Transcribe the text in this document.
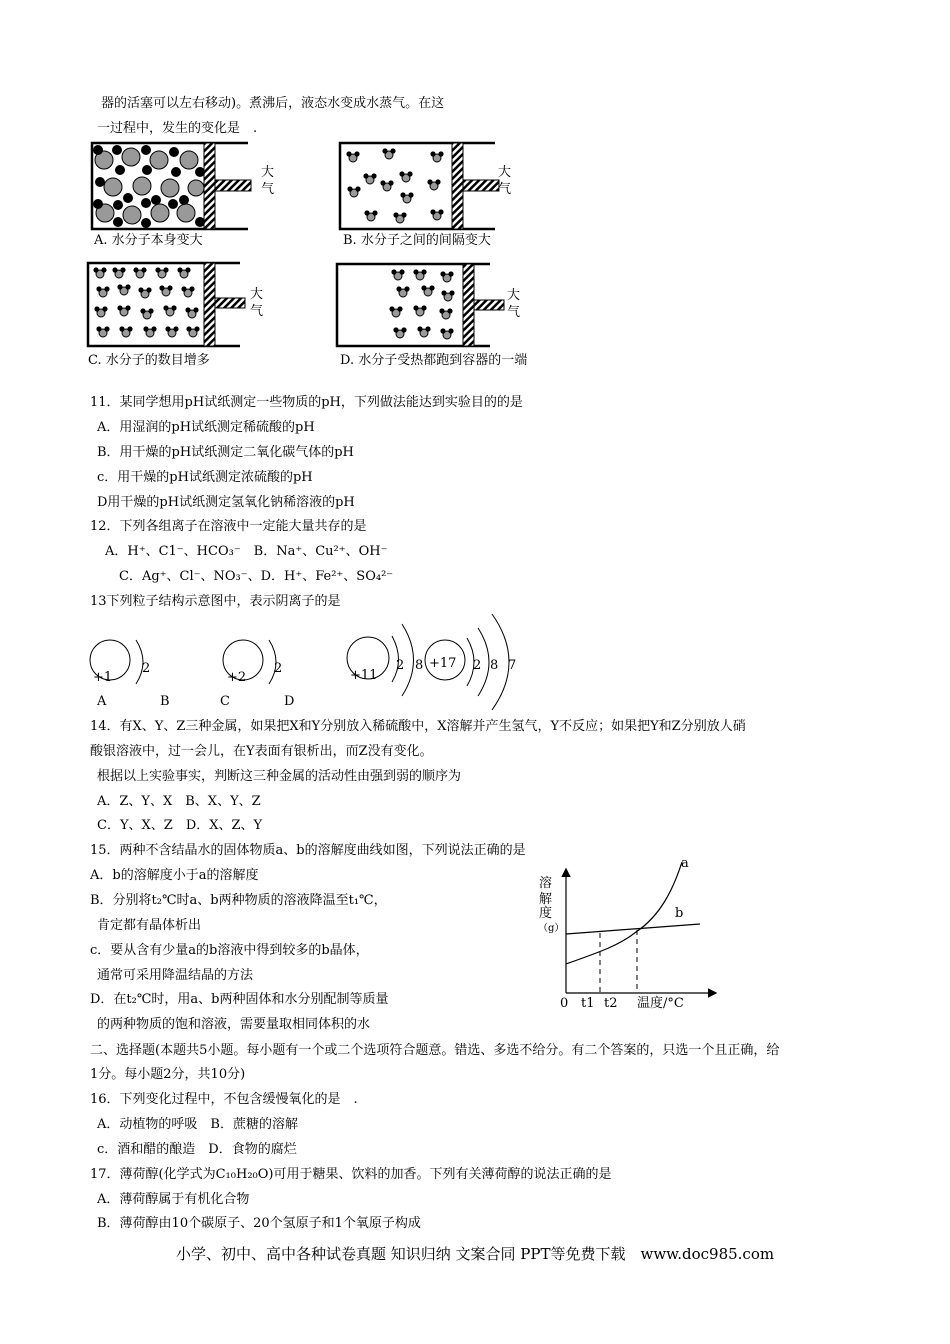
器的活塞可以左右移动)。煮沸后，液态水变成水蒸气。在这
一过程中，发生的变化是　.
大
气
大
气
大
气
大
气
A. 水分子本身变大	B. 水分子之间的间隔变大
C. 水分子的数目增多	D. 水分子受热都跑到容器的一端
11．某同学想用pH试纸测定一些物质的pH，下列做法能达到实验目的的是
A．用湿润的pH试纸测定稀硫酸的pH
B．用干燥的pH试纸测定二氧化碳气体的pH
c．用干燥的pH试纸测定浓硫酸的pH
D用干燥的pH试纸测定氢氧化钠稀溶液的pH
12．下列各组离子在溶液中一定能大量共存的是
A．H⁺、C1⁻、HCO₃⁻　B．Na⁺、Cu²⁺、OH⁻
C．Ag⁺、Cl⁻、NO₃⁻、D．H⁺、Fe²⁺、SO₄²⁻
13下列粒子结构示意图中，表示阴离子的是
+1
2
+2
2	+11
2 8 +17 2 8 7
A	B	C	D
14．有X、Y、Z三种金属，如果把X和Y分别放入稀硫酸中，X溶解并产生氢气，Y不反应；如果把Y和Z分别放人硝
酸银溶液中，过一会儿，在Y表面有银析出，而Z没有变化。
根据以上实验事实，判断这三种金属的活动性由强到弱的顺序为
A．Z、Y、X　B、X、Y、Z
C．Y、X、Z　D．X、Z、Y
15．两种不含结晶水的固体物质a、b的溶解度曲线如图，下列说法正确的是
A．b的溶解度小于a的溶解度
B．分别将t₂℃时a、b两种物质的溶液降温至t₁℃，
肯定都有晶体析出
c．要从含有少量a的b溶液中得到较多的b晶体，
通常可采用降温结晶的方法
D．在t₂℃时，用a、b两种固体和水分别配制等质量
的两种物质的饱和溶液，需要量取相同体积的水
溶
解
度
（g）
0 t1 t2 温度/°C
a
b
二、选择题(本题共5小题。每小题有一个或二个选项符合题意。错选、多选不给分。有二个答案的，只选一个且正确，给
1分。每小题2分，共10分)
16．下列变化过程中，不包含缓慢氧化的是　.
A．动植物的呼吸　B．蔗糖的溶解
c．酒和醋的酿造　D．食物的腐烂
17．薄荷醇(化学式为C₁₀H₂₀O)可用于糖果、饮料的加香。下列有关薄荷醇的说法正确的是
A．薄荷醇属于有机化合物
B．薄荷醇由10个碳原子、20个氢原子和1个氧原子构成
小学、初中、高中各种试卷真题 知识归纳 文案合同 PPT等免费下载　www.doc985.com
